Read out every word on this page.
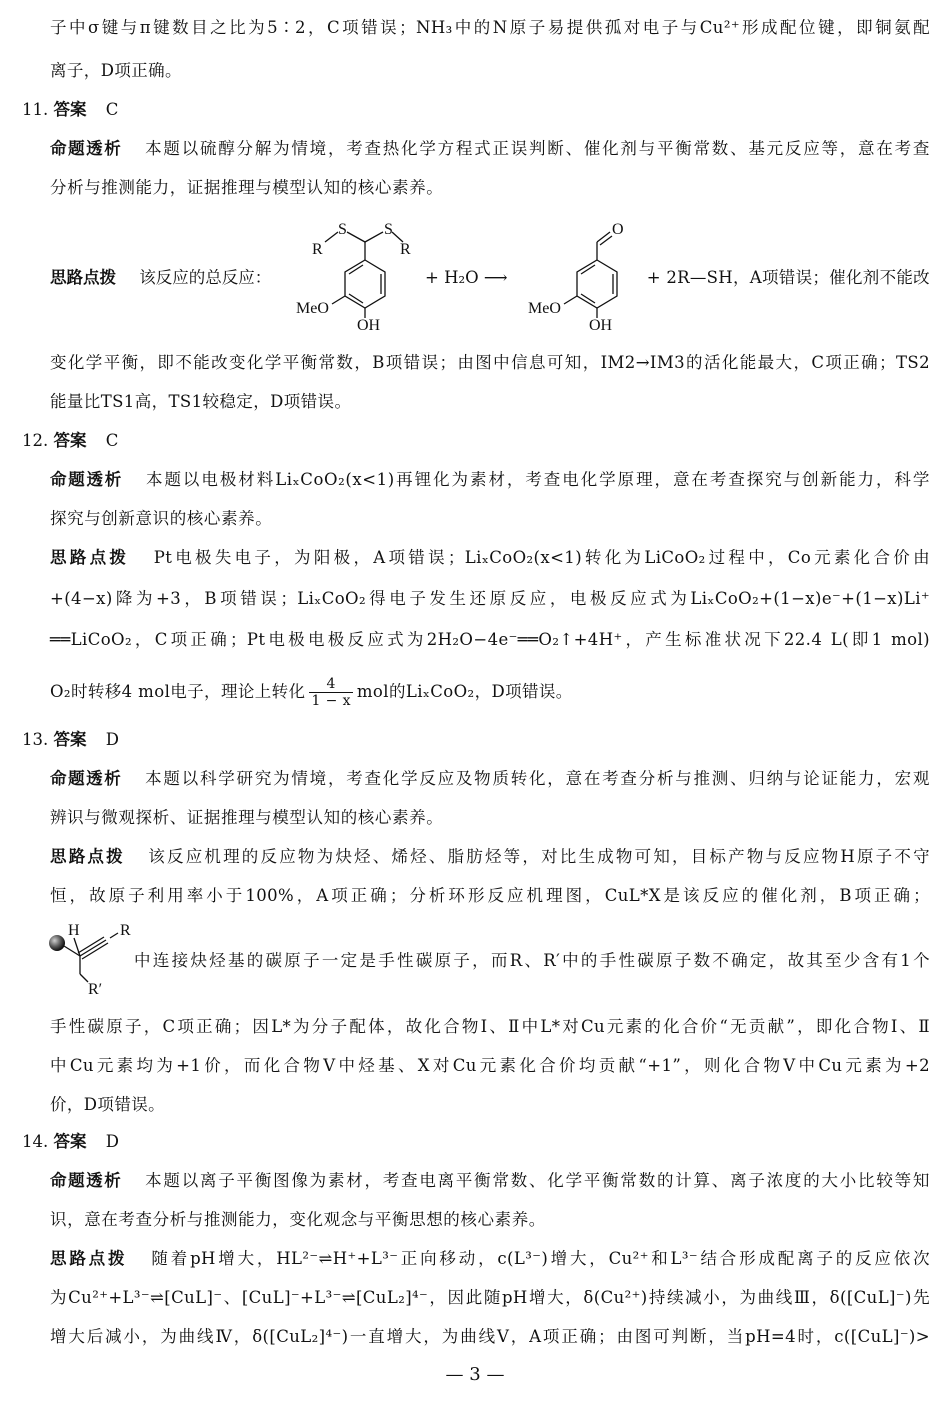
子中σ键与π键数目之比为5∶2，C项错误；NH₃中的N原子易提供孤对电子与Cu²⁺形成配位键，即铜氨配
离子，D项正确。
11. 答案 C
命题透析 本题以硫醇分解为情境，考查热化学方程式正误判断、催化剂与平衡常数、基元反应等，意在考查
分析与推测能力，证据推理与模型认知的核心素养。
思路点拨 该反应的总反应：
S S
R	R
MeO
OH
+ H₂O ⟶
O
MeO
OH
+ 2R—SH，A项错误；催化剂不能改
变化学平衡，即不能改变化学平衡常数，B项错误；由图中信息可知，IM2→IM3的活化能最大，C项正确；TS2
能量比TS1高，TS1较稳定，D项错误。
12. 答案 C
命题透析 本题以电极材料LiₓCoO₂(x<1)再锂化为素材，考查电化学原理，意在考查探究与创新能力，科学
探究与创新意识的核心素养。
思路点拨 Pt电极失电子，为阳极，A项错误；LiₓCoO₂(x<1)转化为LiCoO₂过程中，Co元素化合价由
+(4−x)降为+3，B项错误；LiₓCoO₂得电子发生还原反应，电极反应式为LiₓCoO₂+(1−x)e⁻+(1−x)Li⁺
══LiCoO₂，C项正确；Pt电极电极反应式为2H₂O−4e⁻══O₂↑+4H⁺，产生标准状况下22.4 L(即1 mol)
O₂时转移4 mol电子，理论上转化 $\frac{4}{1 - x}$ mol的LiₓCoO₂，D项错误。
13. 答案 D
命题透析 本题以科学研究为情境，考查化学反应及物质转化，意在考查分析与推测、归纳与论证能力，宏观
辨识与微观探析、证据推理与模型认知的核心素养。
思路点拨 该反应机理的反应物为炔烃、烯烃、脂肪烃等，对比生成物可知，目标产物与反应物H原子不守
恒，故原子利用率小于100%，A项正确；分析环形反应机理图，CuL*X是该反应的催化剂，B项正确；
H	R
R′
中连接炔烃基的碳原子一定是手性碳原子，而R、R′中的手性碳原子数不确定，故其至少含有1个
手性碳原子，C项正确；因L*为分子配体，故化合物Ⅰ、Ⅱ中L*对Cu元素的化合价“无贡献”，即化合物Ⅰ、Ⅱ
中Cu元素均为+1价，而化合物Ⅴ中烃基、X对Cu元素化合价均贡献“+1”，则化合物Ⅴ中Cu元素为+2
价，D项错误。
14. 答案 D
命题透析 本题以离子平衡图像为素材，考查电离平衡常数、化学平衡常数的计算、离子浓度的大小比较等知
识，意在考查分析与推测能力，变化观念与平衡思想的核心素养。
思路点拨 随着pH增大，HL²⁻⇌H⁺+L³⁻正向移动，c(L³⁻)增大，Cu²⁺和L³⁻结合形成配离子的反应依次
为Cu²⁺+L³⁻⇌[CuL]⁻、[CuL]⁻+L³⁻⇌[CuL₂]⁴⁻，因此随pH增大，δ(Cu²⁺)持续减小，为曲线Ⅲ，δ([CuL]⁻)先
增大后减小，为曲线Ⅳ，δ([CuL₂]⁴⁻)一直增大，为曲线Ⅴ，A项正确；由图可判断，当pH=4时，c([CuL]⁻)>
— 3 —
